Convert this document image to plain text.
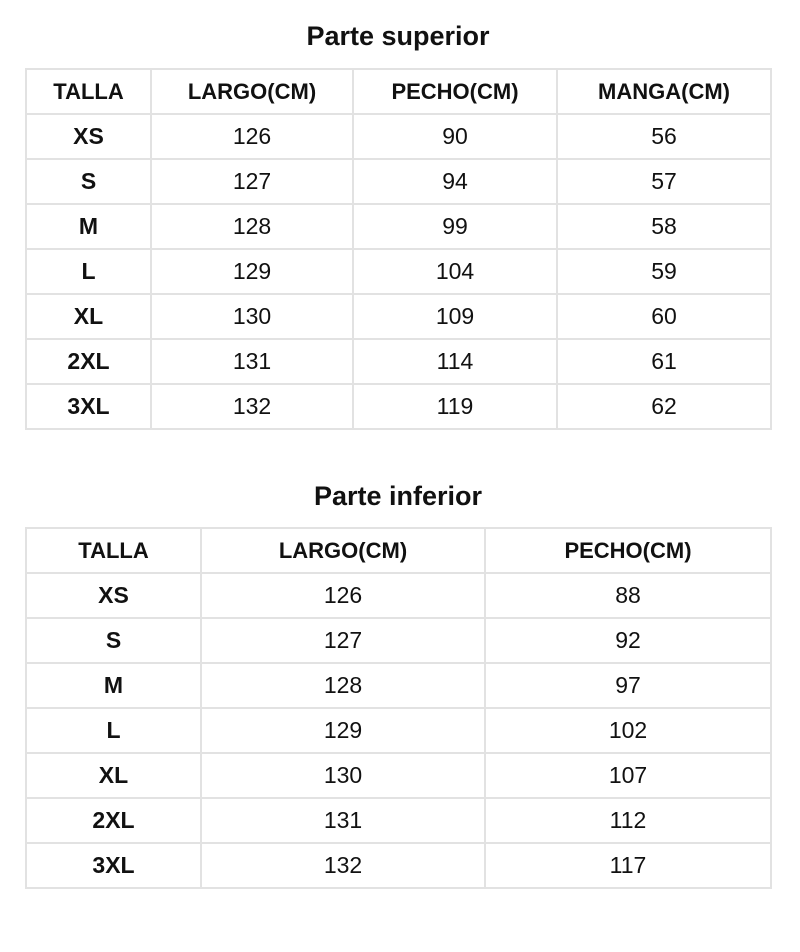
Parte superior
TALLA	LARGO(CM)	PECHO(CM)	MANGA(CM)
XS	126	90	56
S	127	94	57
M	128	99	58
L	129	104	59
XL	130	109	60
2XL	131	114	61
3XL	132	119	62
Parte inferior
TALLA	LARGO(CM)	PECHO(CM)
XS	126	88
S	127	92
M	128	97
L	129	102
XL	130	107
2XL	131	112
3XL	132	117
